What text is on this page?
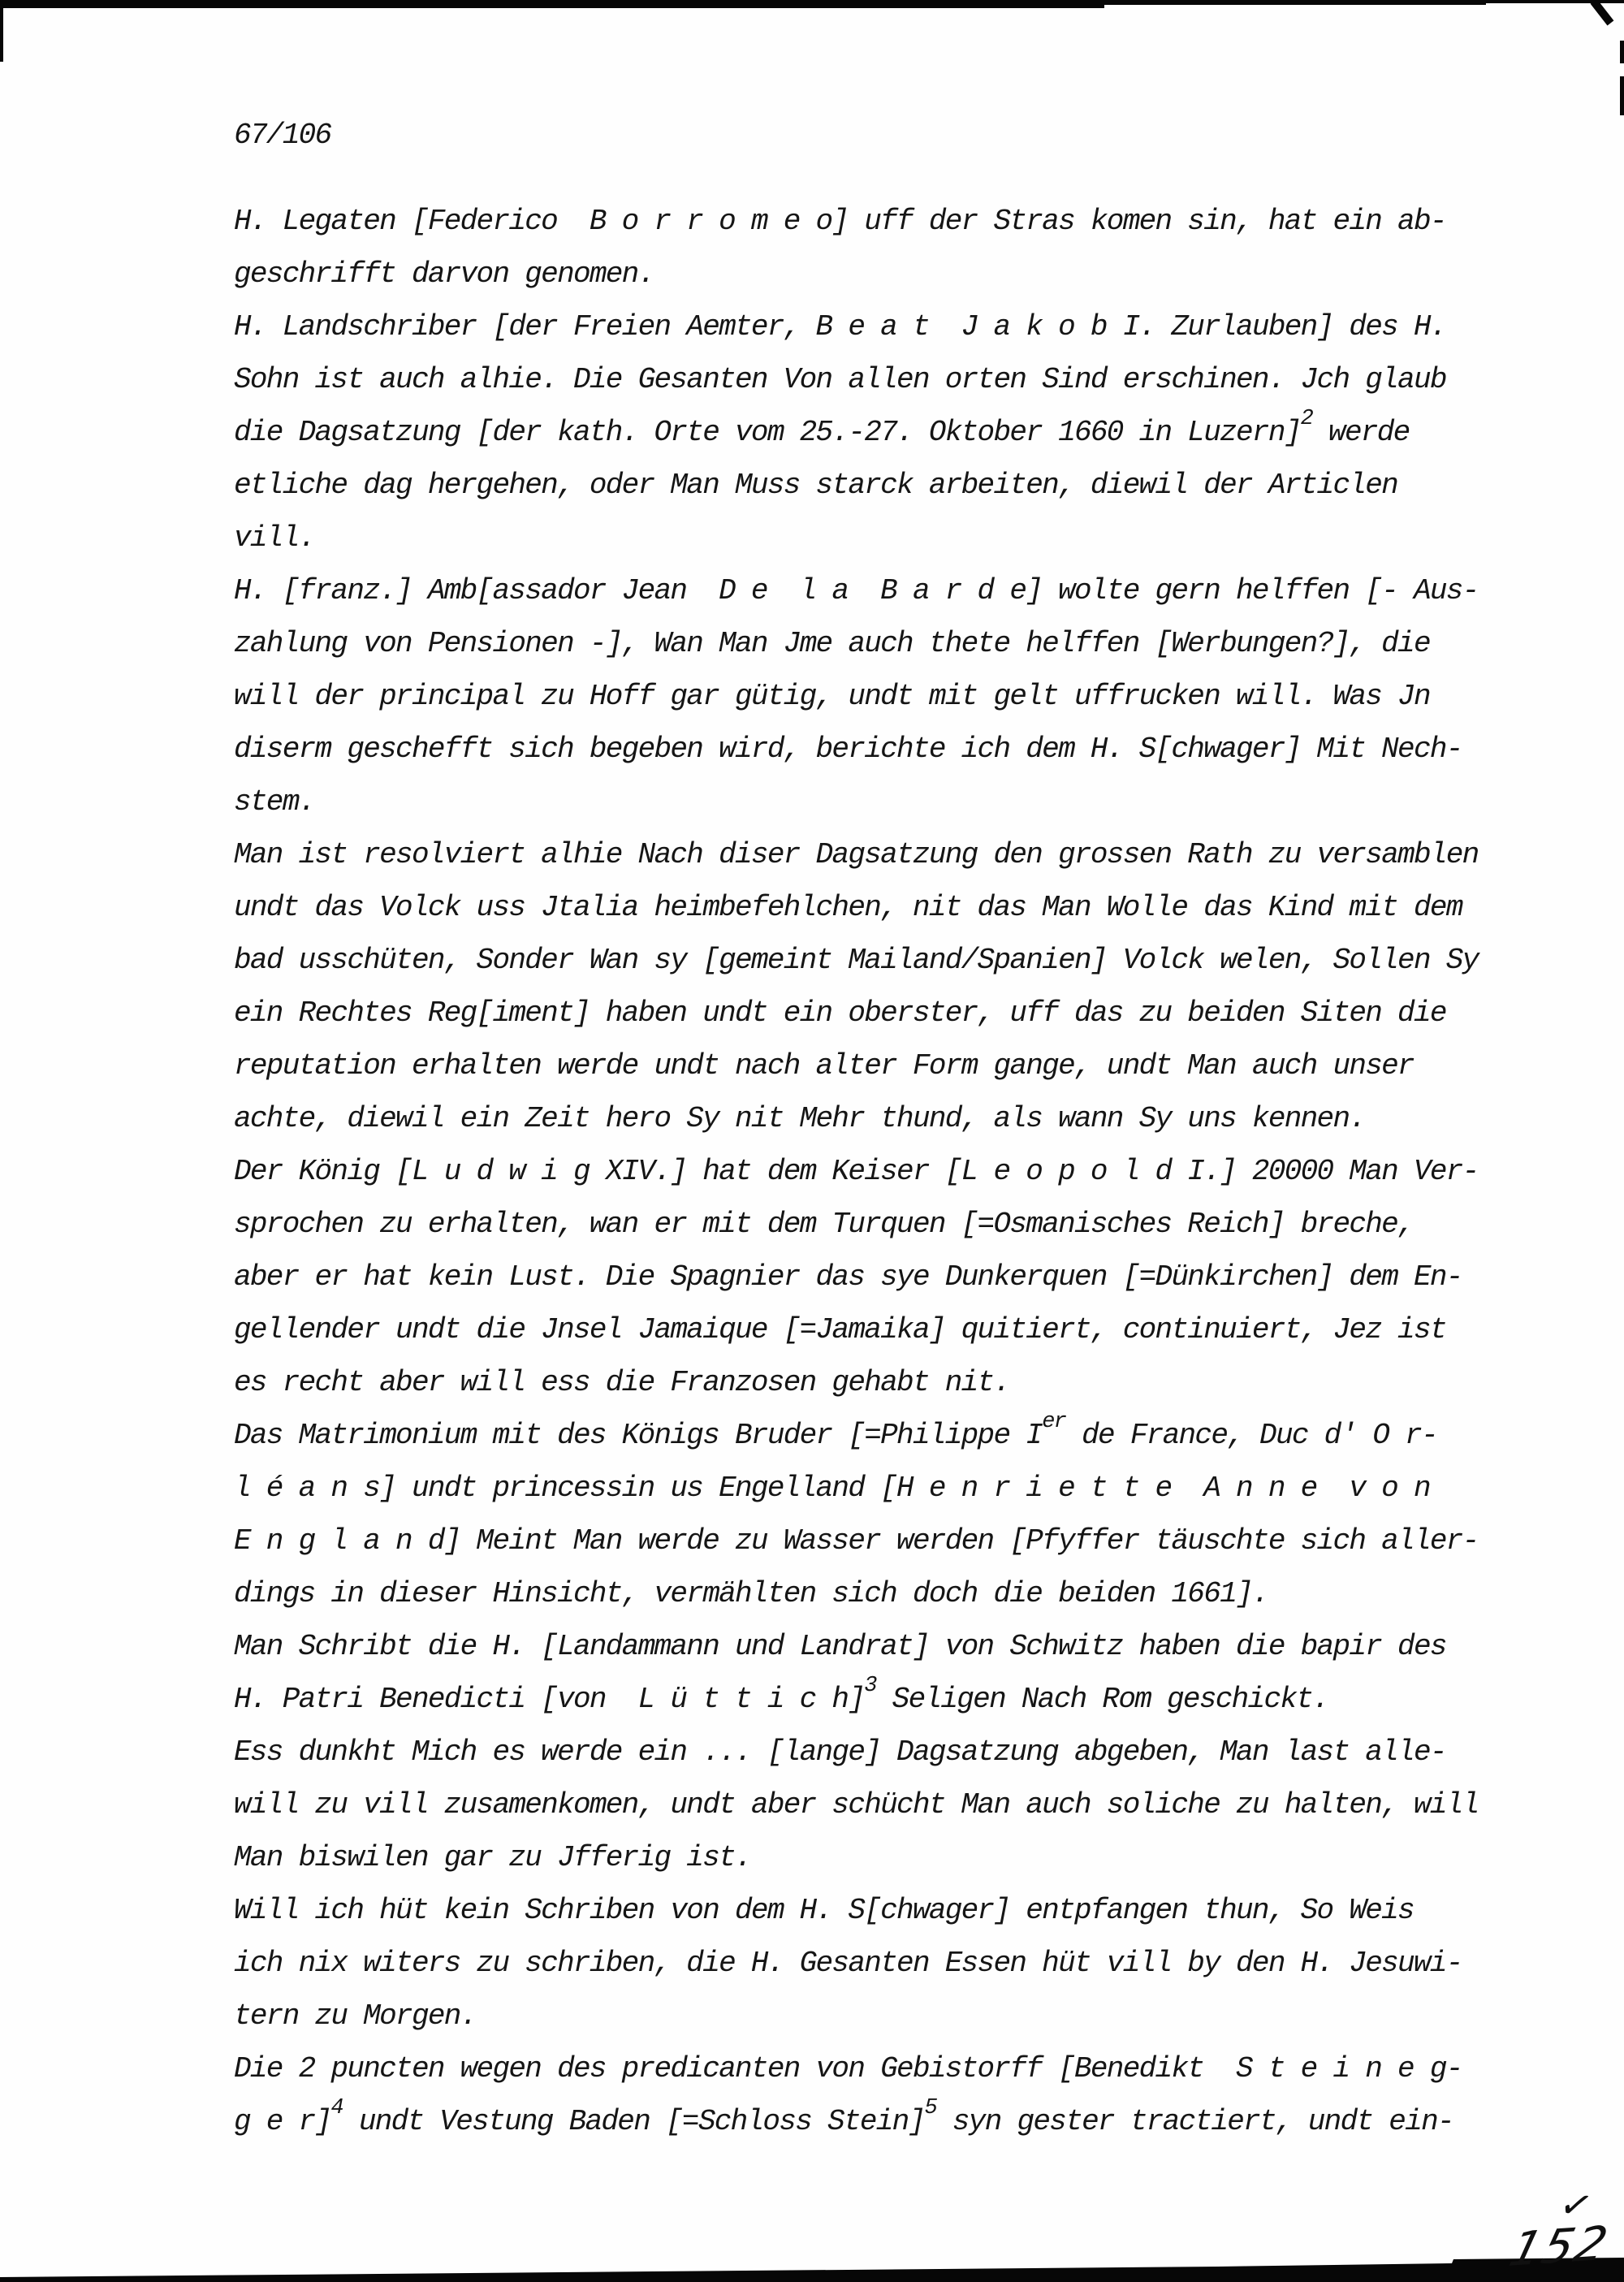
67/106
H. Legaten [Federico  B o r r o m e o] uff der Stras komen sin, hat ein ab-
geschrifft darvon genomen.
H. Landschriber [der Freien Aemter, B e a t  J a k o b I. Zurlauben] des H.
Sohn ist auch alhie. Die Gesanten Von allen orten Sind erschinen. Jch glaub
die Dagsatzung [der kath. Orte vom 25.-27. Oktober 1660 in Luzern]$^2$ werde
etliche dag hergehen, oder Man Muss starck arbeiten, diewil der Articlen
vill.
H. [franz.] Amb[assador Jean  D e  l a  B a r d e] wolte gern helffen [- Aus-
zahlung von Pensionen -], Wan Man Jme auch thete helffen [Werbungen?], die
will der principal zu Hoff gar gütig, undt mit gelt uffrucken will. Was Jn
diserm geschefft sich begeben wird, berichte ich dem H. S[chwager] Mit Nech-
stem.
Man ist resolviert alhie Nach diser Dagsatzung den grossen Rath zu versamblen
undt das Volck uss Jtalia heimbefehlchen, nit das Man Wolle das Kind mit dem
bad usschüten, Sonder Wan sy [gemeint Mailand/Spanien] Volck welen, Sollen Sy
ein Rechtes Reg[iment] haben undt ein oberster, uff das zu beiden Siten die
reputation erhalten werde undt nach alter Form gange, undt Man auch unser
achte, diewil ein Zeit hero Sy nit Mehr thund, als wann Sy uns kennen.
Der König [L u d w i g XIV.] hat dem Keiser [L e o p o l d I.] 20000 Man Ver-
sprochen zu erhalten, wan er mit dem Turquen [=Osmanisches Reich] breche,
aber er hat kein Lust. Die Spagnier das sye Dunkerquen [=Dünkirchen] dem En-
gellender undt die Jnsel Jamaique [=Jamaika] quitiert, continuiert, Jez ist
es recht aber will ess die Franzosen gehabt nit.
Das Matrimonium mit des Königs Bruder [=Philippe Ier de France, Duc d' O r-
l é a n s] undt princessin us Engelland [H e n r i e t t e  A n n e  v o n
E n g l a n d] Meint Man werde zu Wasser werden [Pfyffer täuschte sich aller-
dings in dieser Hinsicht, vermählten sich doch die beiden 1661].
Man Schribt die H. [Landammann und Landrat] von Schwitz haben die bapir des
H. Patri Benedicti [von  L ü t t i c h]$^3$ Seligen Nach Rom geschickt.
Ess dunkht Mich es werde ein ... [lange] Dagsatzung abgeben, Man last alle-
will zu vill zusamenkomen, undt aber schücht Man auch soliche zu halten, will
Man biswilen gar zu Jfferig ist.
Will ich hüt kein Schriben von dem H. S[chwager] entpfangen thun, So Weis
ich nix witers zu schriben, die H. Gesanten Essen hüt vill by den H. Jesuwi-
tern zu Morgen.
Die 2 puncten wegen des predicanten von Gebistorff [Benedikt  S t e i n e g-
g e r]$^4$ undt Vestung Baden [=Schloss Stein]$^5$ syn gester tractiert, undt ein-
✓
152
